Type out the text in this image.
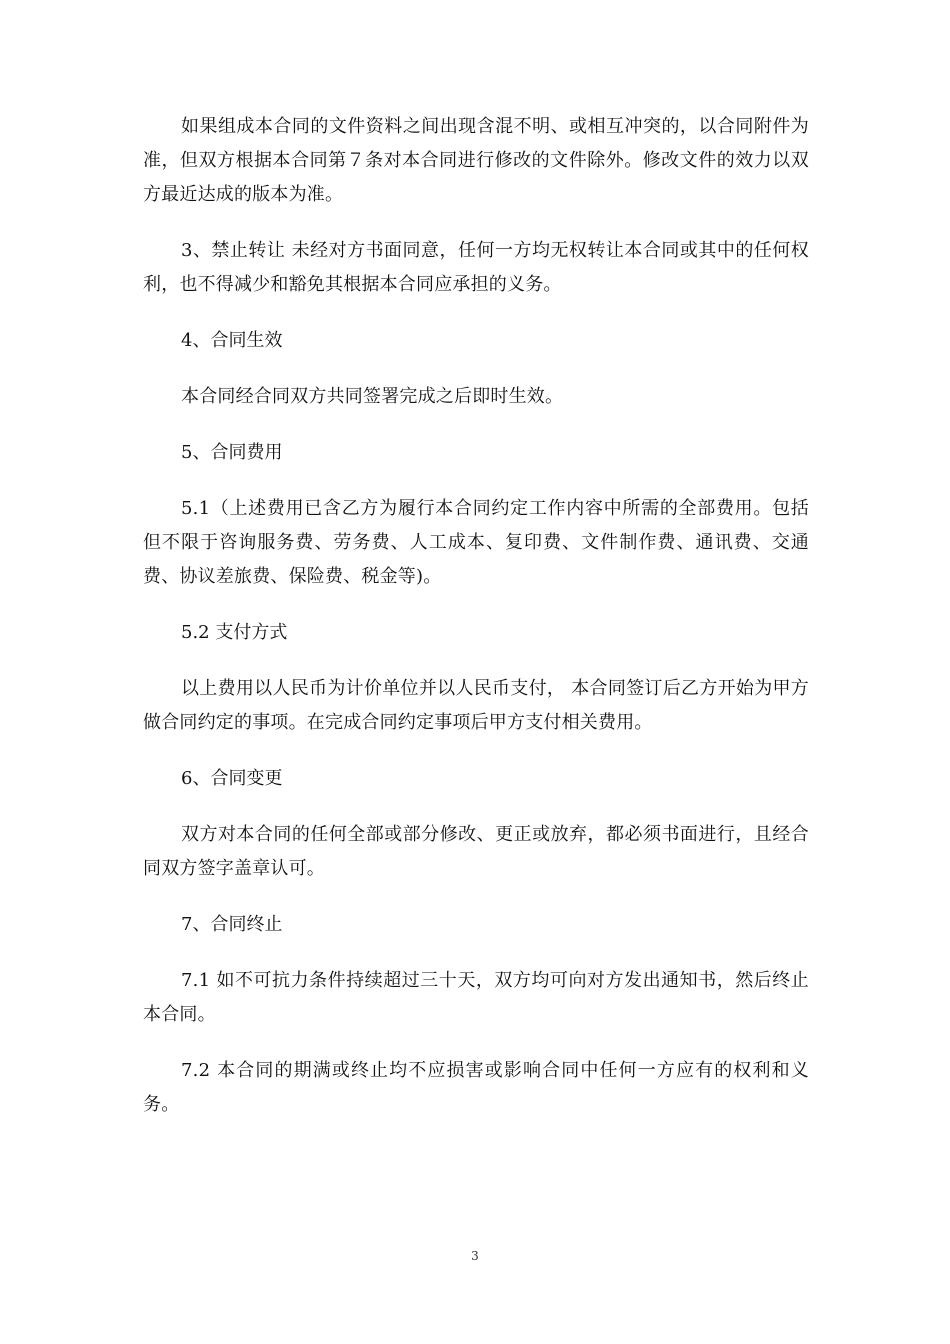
如果组成本合同的文件资料之间出现含混不明、或相互冲突的，以合同附件为准，但双方根据本合同第７条对本合同进行修改的文件除外。修改文件的效力以双方最近达成的版本为准。

3、禁止转让 未经对方书面同意，任何一方均无权转让本合同或其中的任何权利，也不得减少和豁免其根据本合同应承担的义务。

4、合同生效

本合同经合同双方共同签署完成之后即时生效。

5、合同费用

5.1（上述费用已含乙方为履行本合同约定工作内容中所需的全部费用。包括但不限于咨询服务费、劳务费、人工成本、复印费、文件制作费、通讯费、交通费、协议差旅费、保险费、税金等)。

5.2 支付方式

以上费用以人民币为计价单位并以人民币支付， 本合同签订后乙方开始为甲方做合同约定的事项。在完成合同约定事项后甲方支付相关费用。

6、合同变更

双方对本合同的任何全部或部分修改、更正或放弃，都必须书面进行，且经合同双方签字盖章认可。

7、合同终止

7.1 如不可抗力条件持续超过三十天，双方均可向对方发出通知书，然后终止本合同。

7.2 本合同的期满或终止均不应损害或影响合同中任何一方应有的权利和义务。

3
